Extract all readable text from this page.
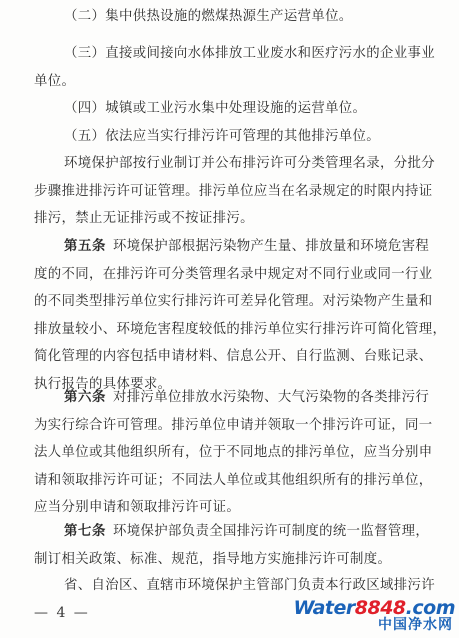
（二）集中供热设施的燃煤热源生产运营单位。

（三）直接或间接向水体排放工业废水和医疗污水的企业事业
单位。

（四）城镇或工业污水集中处理设施的运营单位。

（五）依法应当实行排污许可管理的其他排污单位。

环境保护部按行业制订并公布排污许可分类管理名录，分批分
步骤推进排污许可证管理。排污单位应当在名录规定的时限内持证
排污，禁止无证排污或不按证排污。

第五条  环境保护部根据污染物产生量、排放量和环境危害程
度的不同，在排污许可分类管理名录中规定对不同行业或同一行业
的不同类型排污单位实行排污许可差异化管理。对污染物产生量和
排放量较小、环境危害程度较低的排污单位实行排污许可简化管理，
简化管理的内容包括申请材料、信息公开、自行监测、台账记录、
执行报告的具体要求。

第六条  对排污单位排放水污染物、大气污染物的各类排污行
为实行综合许可管理。排污单位申请并领取一个排污许可证，同一
法人单位或其他组织所有，位于不同地点的排污单位，应当分别申
请和领取排污许可证；不同法人单位或其他组织所有的排污单位，
应当分别申请和领取排污许可证。

第七条  环境保护部负责全国排污许可制度的统一监督管理，
制订相关政策、标准、规范，指导地方实施排污许可制度。

省、自治区、直辖市环境保护主管部门负责本行政区域排污许

— 4 —	Water8848.com
中国净水网
